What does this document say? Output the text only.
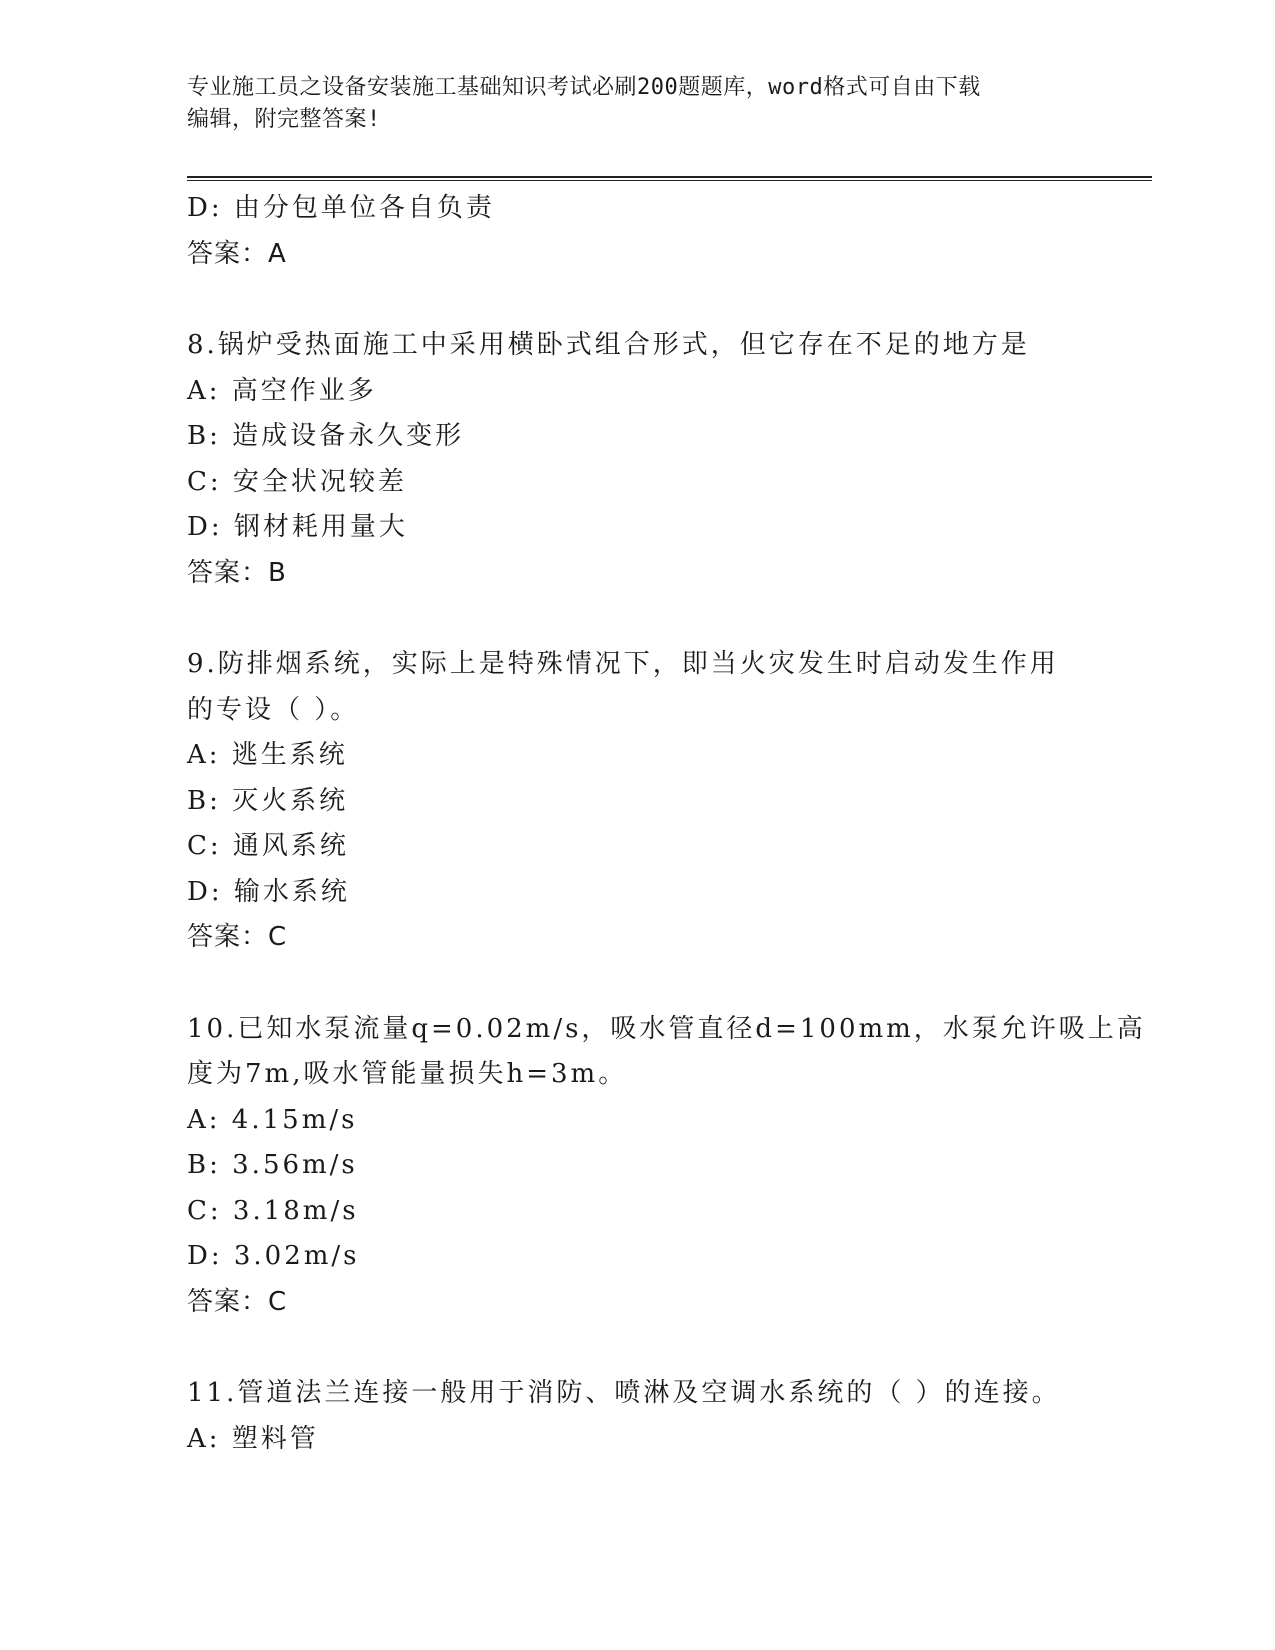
专业施工员之设备安装施工基础知识考试必刷200题题库，word格式可自由下载
编辑，附完整答案!
D: 由分包单位各自负责
答案：A
8.锅炉受热面施工中采用横卧式组合形式，但它存在不足的地方是
A: 高空作业多
B: 造成设备永久变形
C: 安全状况较差
D: 钢材耗用量大
答案：B
9.防排烟系统，实际上是特殊情况下，即当火灾发生时启动发生作用
的专设（ ）。
A: 逃生系统
B: 灭火系统
C: 通风系统
D: 输水系统
答案：C
10.已知水泵流量q=0.02m/s，吸水管直径d=100mm，水泵允许吸上高
度为7m,吸水管能量损失h=3m。
A: 4.15m/s
B: 3.56m/s
C: 3.18m/s
D: 3.02m/s
答案：C
11.管道法兰连接一般用于消防、喷淋及空调水系统的（ ）的连接。
A: 塑料管
